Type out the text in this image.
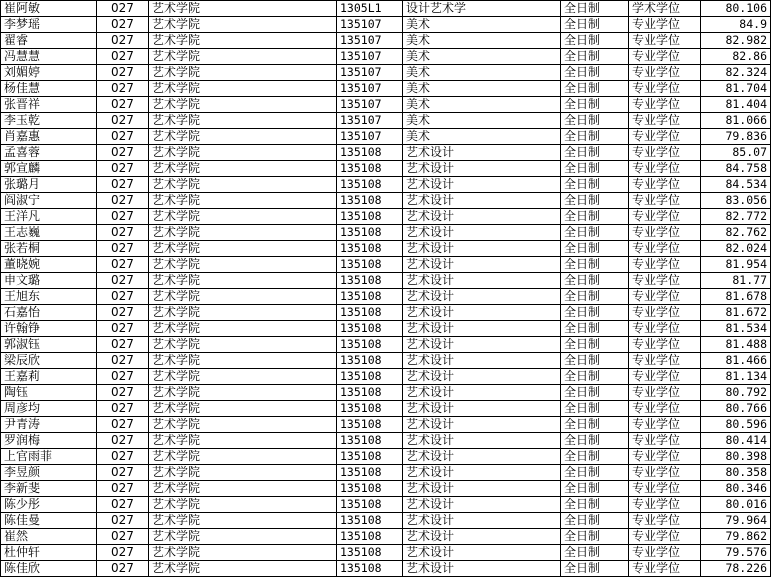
崔阿敏	027	艺术学院	1305L1	设计艺术学	全日制	学术学位	80.106
李梦瑶	027	艺术学院	135107	美术	全日制	专业学位	84.9
翟睿	027	艺术学院	135107	美术	全日制	专业学位	82.982
冯慧慧	027	艺术学院	135107	美术	全日制	专业学位	82.86
刘媚婷	027	艺术学院	135107	美术	全日制	专业学位	82.324
杨佳慧	027	艺术学院	135107	美术	全日制	专业学位	81.704
张晋祥	027	艺术学院	135107	美术	全日制	专业学位	81.404
李玉乾	027	艺术学院	135107	美术	全日制	专业学位	81.066
肖嘉惠	027	艺术学院	135107	美术	全日制	专业学位	79.836
孟喜蓉	027	艺术学院	135108	艺术设计	全日制	专业学位	85.07
郭宣麟	027	艺术学院	135108	艺术设计	全日制	专业学位	84.758
张璐月	027	艺术学院	135108	艺术设计	全日制	专业学位	84.534
阎淑宁	027	艺术学院	135108	艺术设计	全日制	专业学位	83.056
王洋凡	027	艺术学院	135108	艺术设计	全日制	专业学位	82.772
王志巍	027	艺术学院	135108	艺术设计	全日制	专业学位	82.762
张若桐	027	艺术学院	135108	艺术设计	全日制	专业学位	82.024
董晓婉	027	艺术学院	135108	艺术设计	全日制	专业学位	81.954
申文璐	027	艺术学院	135108	艺术设计	全日制	专业学位	81.77
王旭东	027	艺术学院	135108	艺术设计	全日制	专业学位	81.678
石嘉怡	027	艺术学院	135108	艺术设计	全日制	专业学位	81.672
许翰铮	027	艺术学院	135108	艺术设计	全日制	专业学位	81.534
郭淑钰	027	艺术学院	135108	艺术设计	全日制	专业学位	81.488
梁辰欣	027	艺术学院	135108	艺术设计	全日制	专业学位	81.466
王嘉莉	027	艺术学院	135108	艺术设计	全日制	专业学位	81.134
陶钰	027	艺术学院	135108	艺术设计	全日制	专业学位	80.792
周彦均	027	艺术学院	135108	艺术设计	全日制	专业学位	80.766
尹青涛	027	艺术学院	135108	艺术设计	全日制	专业学位	80.596
罗润梅	027	艺术学院	135108	艺术设计	全日制	专业学位	80.414
上官雨菲	027	艺术学院	135108	艺术设计	全日制	专业学位	80.398
李昱颜	027	艺术学院	135108	艺术设计	全日制	专业学位	80.358
李新斐	027	艺术学院	135108	艺术设计	全日制	专业学位	80.346
陈少彤	027	艺术学院	135108	艺术设计	全日制	专业学位	80.016
陈佳曼	027	艺术学院	135108	艺术设计	全日制	专业学位	79.964
崔然	027	艺术学院	135108	艺术设计	全日制	专业学位	79.862
杜仲轩	027	艺术学院	135108	艺术设计	全日制	专业学位	79.576
陈佳欣	027	艺术学院	135108	艺术设计	全日制	专业学位	78.226
